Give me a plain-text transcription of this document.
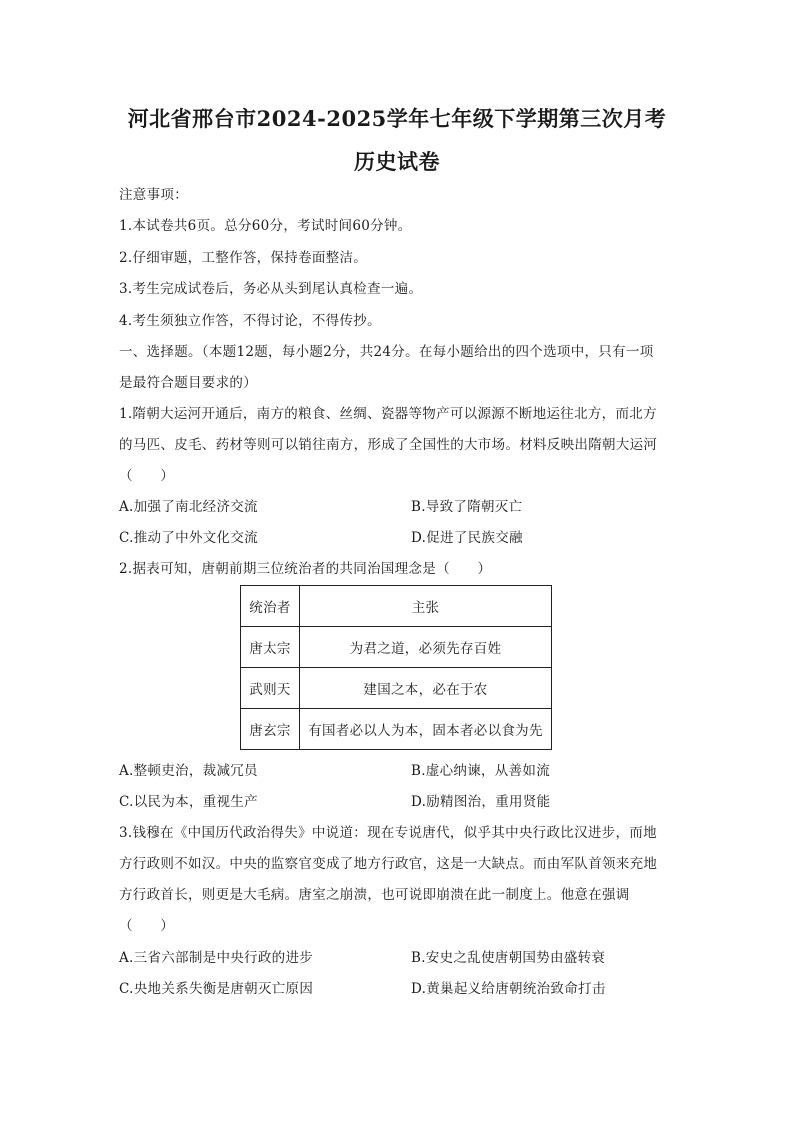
河北省邢台市2024-2025学年七年级下学期第三次月考
历史试卷
注意事项：
1.本试卷共6页。总分60分，考试时间60分钟。
2.仔细审题，工整作答，保持卷面整洁。
3.考生完成试卷后，务必从头到尾认真检查一遍。
4.考生须独立作答，不得讨论，不得传抄。
一、选择题。（本题12题，每小题2分，共24分。在每小题给出的四个选项中，只有一项
是最符合题目要求的）
1.隋朝大运河开通后，南方的粮食、丝绸、瓷器等物产可以源源不断地运往北方，而北方
的马匹、皮毛、药材等则可以销往南方，形成了全国性的大市场。材料反映出隋朝大运河
（　　）
A.加强了南北经济交流	B.导致了隋朝灭亡
C.推动了中外文化交流	D.促进了民族交融
2.据表可知，唐朝前期三位统治者的共同治国理念是（　　）
统治者	主张
唐太宗	为君之道，必须先存百姓
武则天	建国之本，必在于农
唐玄宗	有国者必以人为本，固本者必以食为先
A.整顿吏治，裁减冗员	B.虚心纳谏，从善如流
C.以民为本，重视生产	D.励精图治，重用贤能
3.钱穆在《中国历代政治得失》中说道：现在专说唐代，似乎其中央行政比汉进步，而地
方行政则不如汉。中央的监察官变成了地方行政官，这是一大缺点。而由军队首领来充地
方行政首长，则更是大毛病。唐室之崩溃，也可说即崩溃在此一制度上。他意在强调
（　　）
A.三省六部制是中央行政的进步	B.安史之乱使唐朝国势由盛转衰
C.央地关系失衡是唐朝灭亡原因	D.黄巢起义给唐朝统治致命打击
